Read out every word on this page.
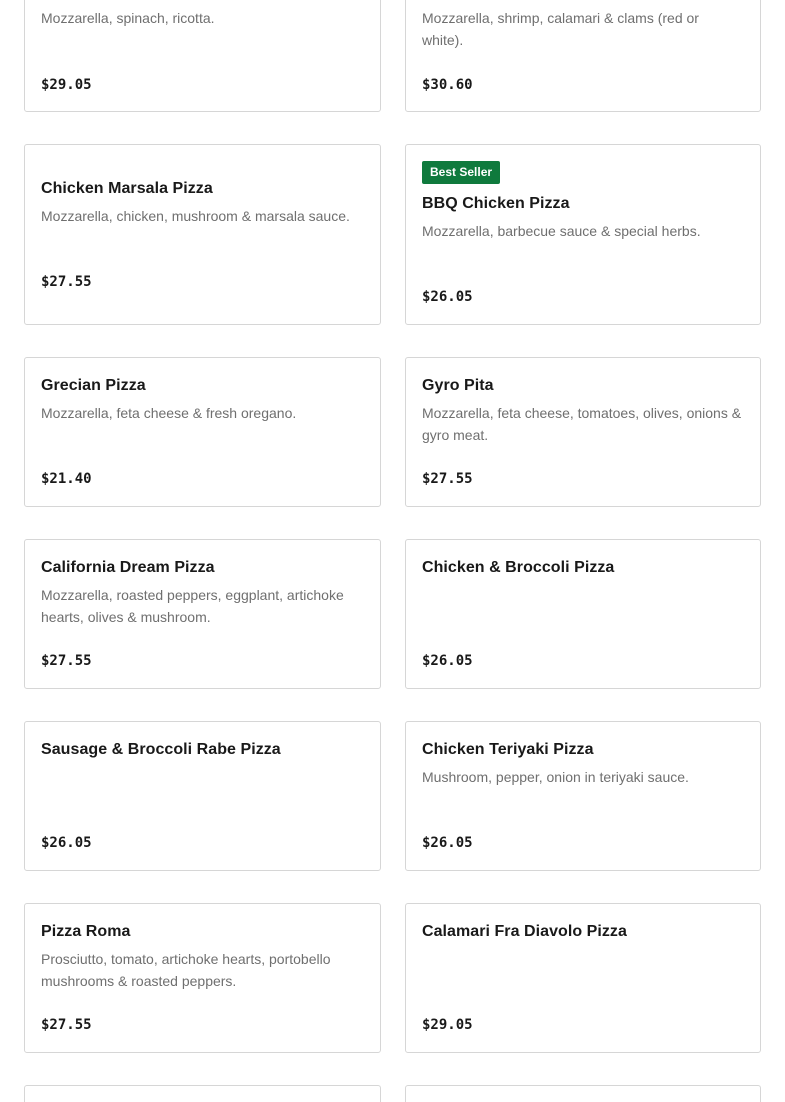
Mozzarella, spinach, ricotta.
$29.05
Mozzarella, shrimp, calamari & clams (red or white).
$30.60
Chicken Marsala Pizza
Mozzarella, chicken, mushroom & marsala sauce.
$27.55
Best Seller
BBQ Chicken Pizza
Mozzarella, barbecue sauce & special herbs.
$26.05
Grecian Pizza
Mozzarella, feta cheese & fresh oregano.
$21.40
Gyro Pita
Mozzarella, feta cheese, tomatoes, olives, onions & gyro meat.
$27.55
California Dream Pizza
Mozzarella, roasted peppers, eggplant, artichoke hearts, olives & mushroom.
$27.55
Chicken & Broccoli Pizza
$26.05
Sausage & Broccoli Rabe Pizza
$26.05
Chicken Teriyaki Pizza
Mushroom, pepper, onion in teriyaki sauce.
$26.05
Pizza Roma
Prosciutto, tomato, artichoke hearts, portobello mushrooms & roasted peppers.
$27.55
Calamari Fra Diavolo Pizza
$29.05
